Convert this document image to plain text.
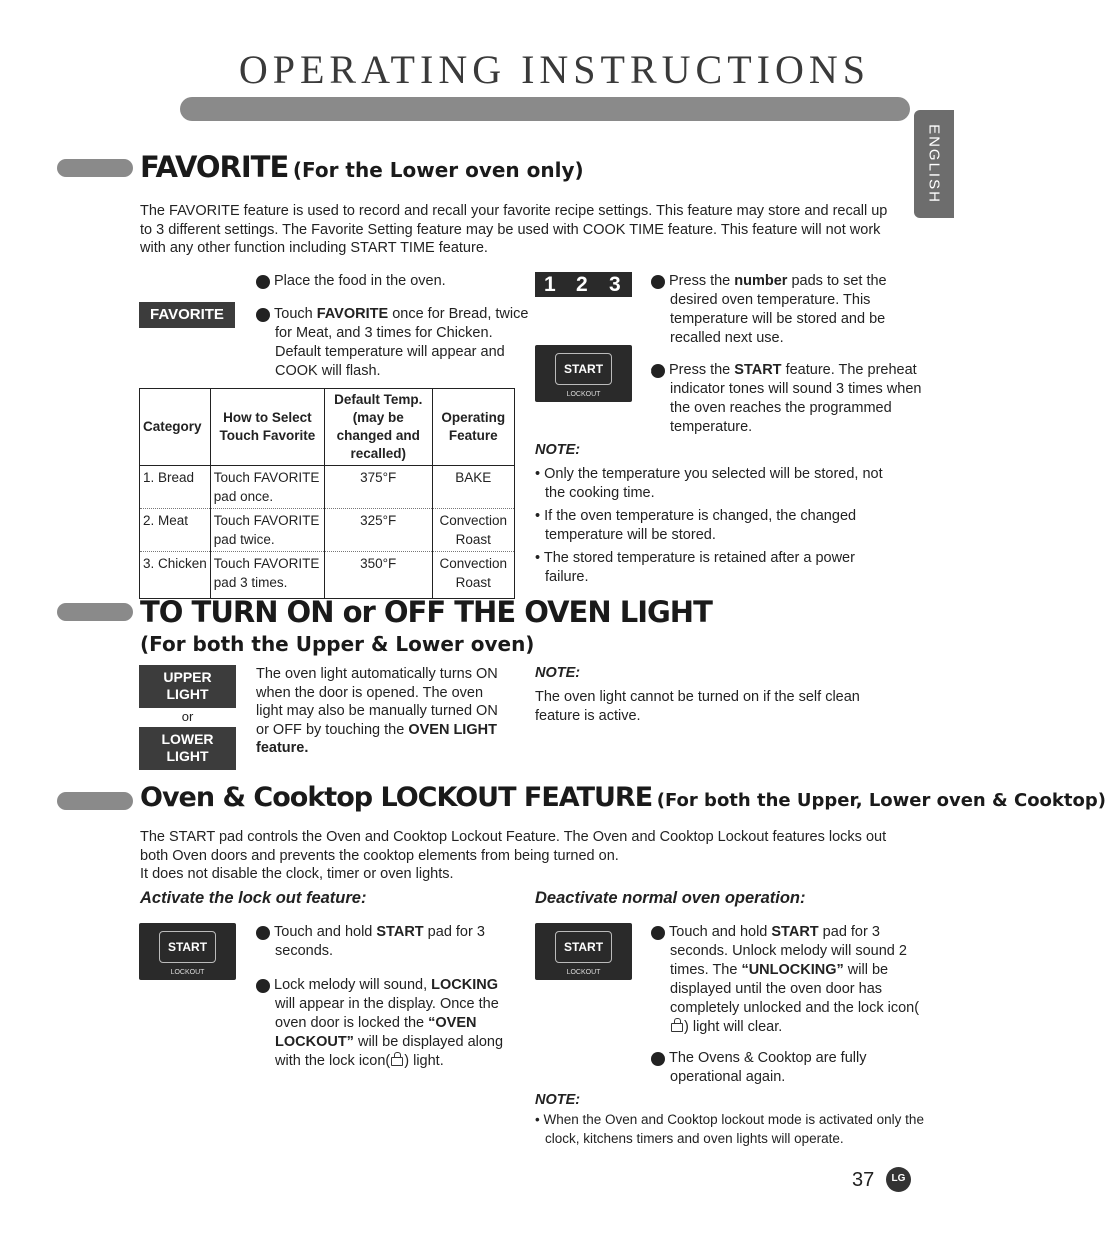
OPERATING INSTRUCTIONS
ENGLISH
FAVORITE (For the Lower oven only)
The FAVORITE feature is used to record and recall your favorite recipe settings. This feature may store and recall up to 3 different settings. The Favorite Setting feature may be used with COOK TIME feature. This feature will not work with any other function including START TIME feature.
1 Place the food in the oven.
FAVORITE	2 Touch FAVORITE once for Bread, twice for Meat, and 3 times for Chicken. Default temperature will appear and COOK will flash.
Category	How to Select Touch Favorite	Default Temp. (may be changed and recalled)	Operating Feature
1. Bread	Touch FAVORITE pad once.	375°F	BAKE
2. Meat	Touch FAVORITE pad twice.	325°F	Convection Roast
3. Chicken	Touch FAVORITE pad 3 times.	350°F	Convection Roast
1 2 3	3 Press the number pads to set the desired oven temperature. This temperature will be stored and be recalled next use.
START
LOCKOUT
4 Press the START feature. The preheat indicator tones will sound 3 times when the oven reaches the programmed temperature.
NOTE:
• Only the temperature you selected will be stored, not the cooking time.
• If the oven temperature is changed, the changed temperature will be stored.
• The stored temperature is retained after a power failure.
TO TURN ON or OFF THE OVEN LIGHT
(For both the Upper & Lower oven)
UPPER LIGHT
or
LOWER LIGHT
The oven light automatically turns ON when the door is opened. The oven light may also be manually turned ON or OFF by touching the OVEN LIGHT feature.
NOTE:
The oven light cannot be turned on if the self clean feature is active.
Oven & Cooktop LOCKOUT FEATURE (For both the Upper, Lower oven & Cooktop)
The START pad controls the Oven and Cooktop Lockout Feature. The Oven and Cooktop Lockout features locks out both Oven doors and prevents the cooktop elements from being turned on.
It does not disable the clock, timer or oven lights.
Activate the lock out feature:	Deactivate normal oven operation:
START
LOCKOUT
START
LOCKOUT
1 Touch and hold START pad for 3 seconds.
2 Lock melody will sound, LOCKING will appear in the display. Once the oven door is locked the “OVEN LOCKOUT” will be displayed along with the lock icon( ) light.
1 Touch and hold START pad for 3 seconds. Unlock melody will sound 2 times. The “UNLOCKING” will be displayed until the oven door has completely unlocked and the lock icon() light will clear.
2 The Ovens & Cooktop are fully operational again.
NOTE:
• When the Oven and Cooktop lockout mode is activated only the clock, kitchens timers and oven lights will operate.
37 LG
